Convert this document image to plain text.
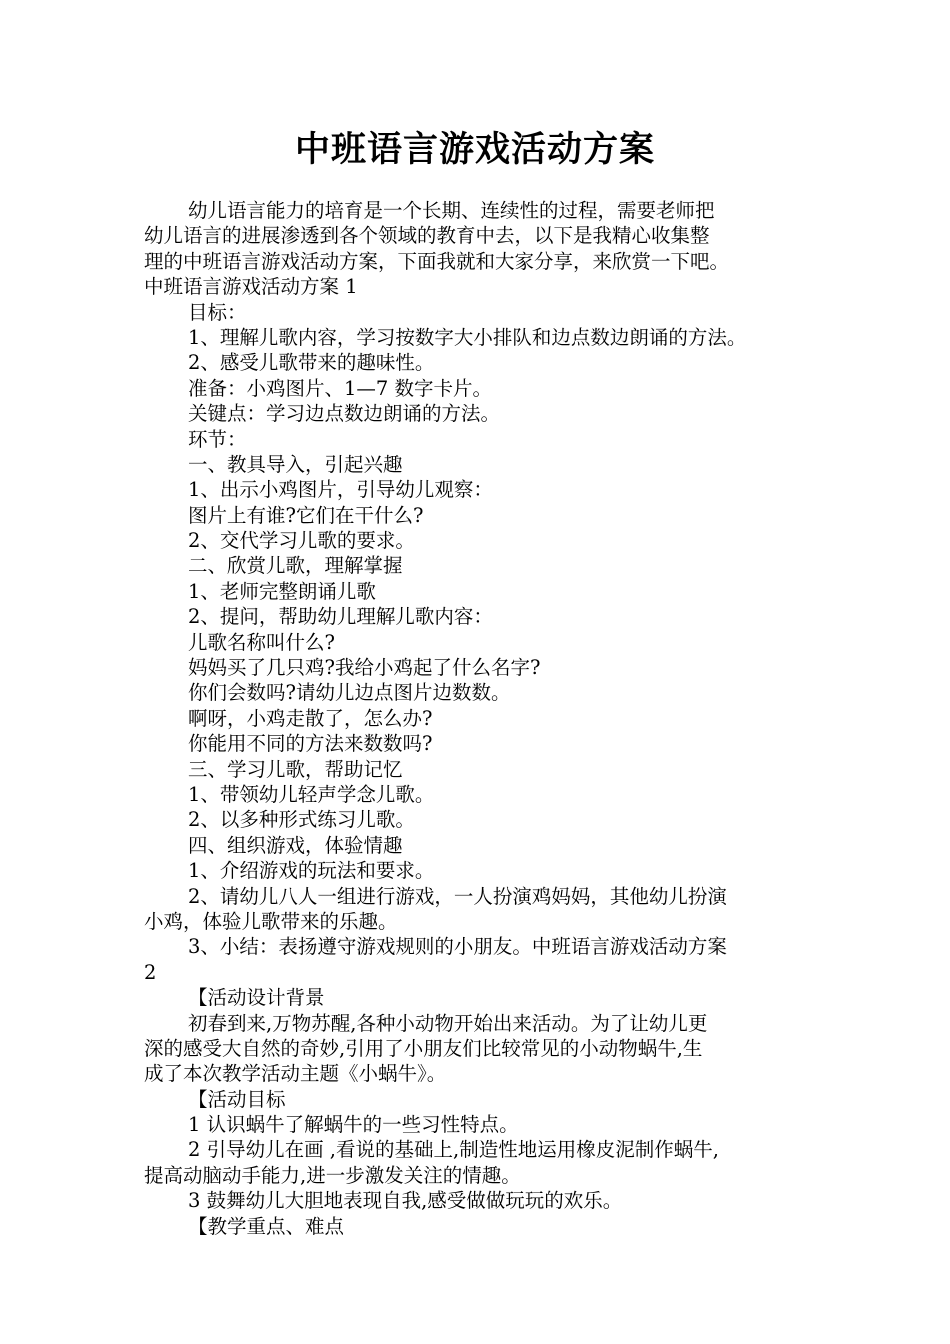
中班语言游戏活动方案
幼儿语言能力的培育是一个长期、连续性的过程，需要老师把
幼儿语言的进展渗透到各个领域的教育中去，以下是我精心收集整
理的中班语言游戏活动方案，下面我就和大家分享，来欣赏一下吧。
中班语言游戏活动方案 1
目标：
1、理解儿歌内容，学习按数字大小排队和边点数边朗诵的方法。
2、感受儿歌带来的趣味性。
准备：小鸡图片、1—7 数字卡片。
关键点：学习边点数边朗诵的方法。
环节：
一、教具导入，引起兴趣
1、出示小鸡图片，引导幼儿观察：
图片上有谁?它们在干什么?
2、交代学习儿歌的要求。
二、欣赏儿歌，理解掌握
1、老师完整朗诵儿歌
2、提问，帮助幼儿理解儿歌内容：
儿歌名称叫什么?
妈妈买了几只鸡?我给小鸡起了什么名字?
你们会数吗?请幼儿边点图片边数数。
啊呀，小鸡走散了，怎么办?
你能用不同的方法来数数吗?
三、学习儿歌，帮助记忆
1、带领幼儿轻声学念儿歌。
2、以多种形式练习儿歌。
四、组织游戏，体验情趣
1、介绍游戏的玩法和要求。
2、请幼儿八人一组进行游戏，一人扮演鸡妈妈，其他幼儿扮演
小鸡，体验儿歌带来的乐趣。
3、小结：表扬遵守游戏规则的小朋友。中班语言游戏活动方案
2
【活动设计背景
初春到来,万物苏醒,各种小动物开始出来活动。为了让幼儿更
深的感受大自然的奇妙,引用了小朋友们比较常见的小动物蜗牛,生
成了本次教学活动主题《小蜗牛》。
【活动目标
1 认识蜗牛了解蜗牛的一些习性特点。
2 引导幼儿在画 ,看说的基础上,制造性地运用橡皮泥制作蜗牛,
提高动脑动手能力,进一步激发关注的情趣。
3 鼓舞幼儿大胆地表现自我,感受做做玩玩的欢乐。
【教学重点、难点
